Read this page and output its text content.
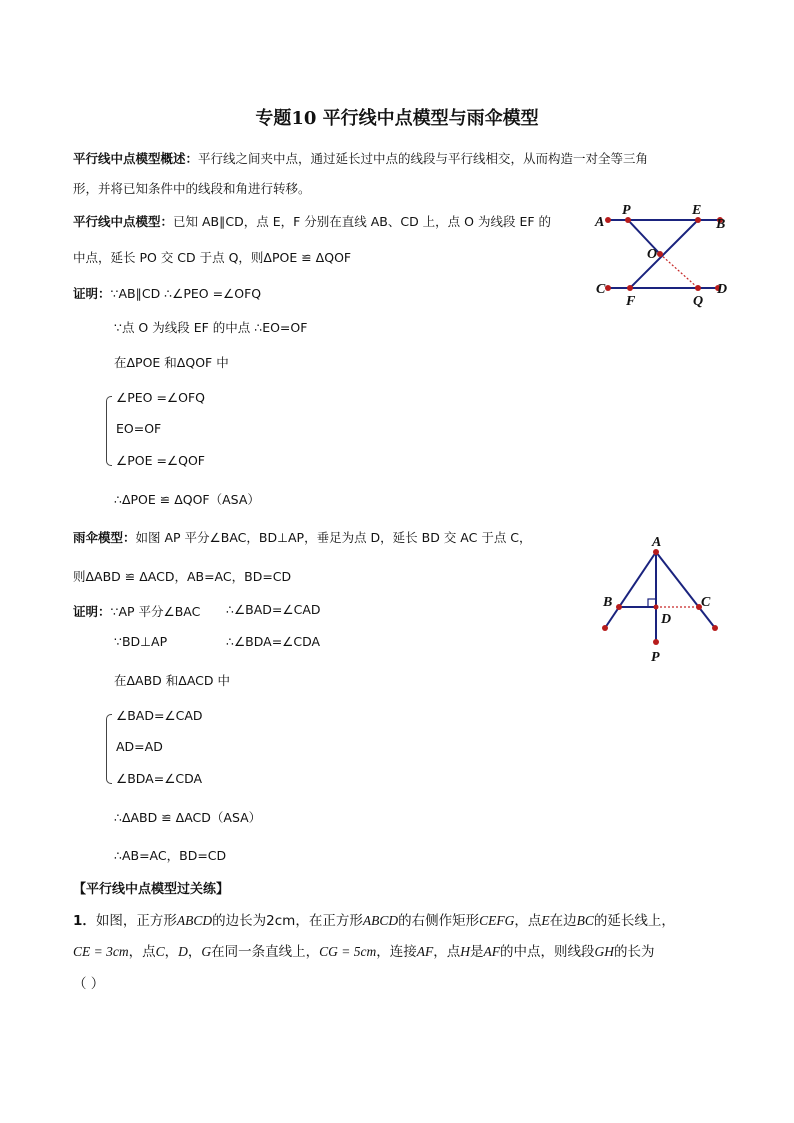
专题10 平行线中点模型与雨伞模型
平行线中点模型概述：平行线之间夹中点，通过延长过中点的线段与平行线相交，从而构造一对全等三角
形，并将已知条件中的线段和角进行转移。
平行线中点模型：已知 AB∥CD，点 E，F 分别在直线 AB、CD 上，点 O 为线段 EF 的
中点，延长 PO 交 CD 于点 Q，则ΔPOE ≌ ΔQOF
证明：∵AB∥CD ∴∠PEO =∠OFQ
∵点 O 为线段 EF 的中点 ∴EO=OF
在ΔPOE 和ΔQOF 中
∠PEO =∠OFQ
EO=OF
∠POE =∠QOF
∴ΔPOE ≌ ΔQOF（ASA）
A
P	E
B
O
C
F	Q
D
雨伞模型：如图 AP 平分∠BAC，BD⊥AP，垂足为点 D，延长 BD 交 AC 于点 C，
则ΔABD ≌ ΔACD，AB=AC，BD=CD
证明：∵AP 平分∠BAC ∴∠BAD=∠CAD
∵BD⊥AP	∴∠BDA=∠CDA
在ΔABD 和ΔACD 中
∠BAD=∠CAD
AD=AD
∠BDA=∠CDA
∴ΔABD ≌ ΔACD（ASA）
∴AB=AC，BD=CD
A
B	C
D
P
【平行线中点模型过关练】
1．如图，正方形ABCD的边长为2cm，在正方形ABCD的右侧作矩形CEFG，点E在边BC的延长线上，
CE = 3cm，点C，D，G在同一条直线上，CG = 5cm，连接AF，点H是AF的中点，则线段GH的长为
（ ）
